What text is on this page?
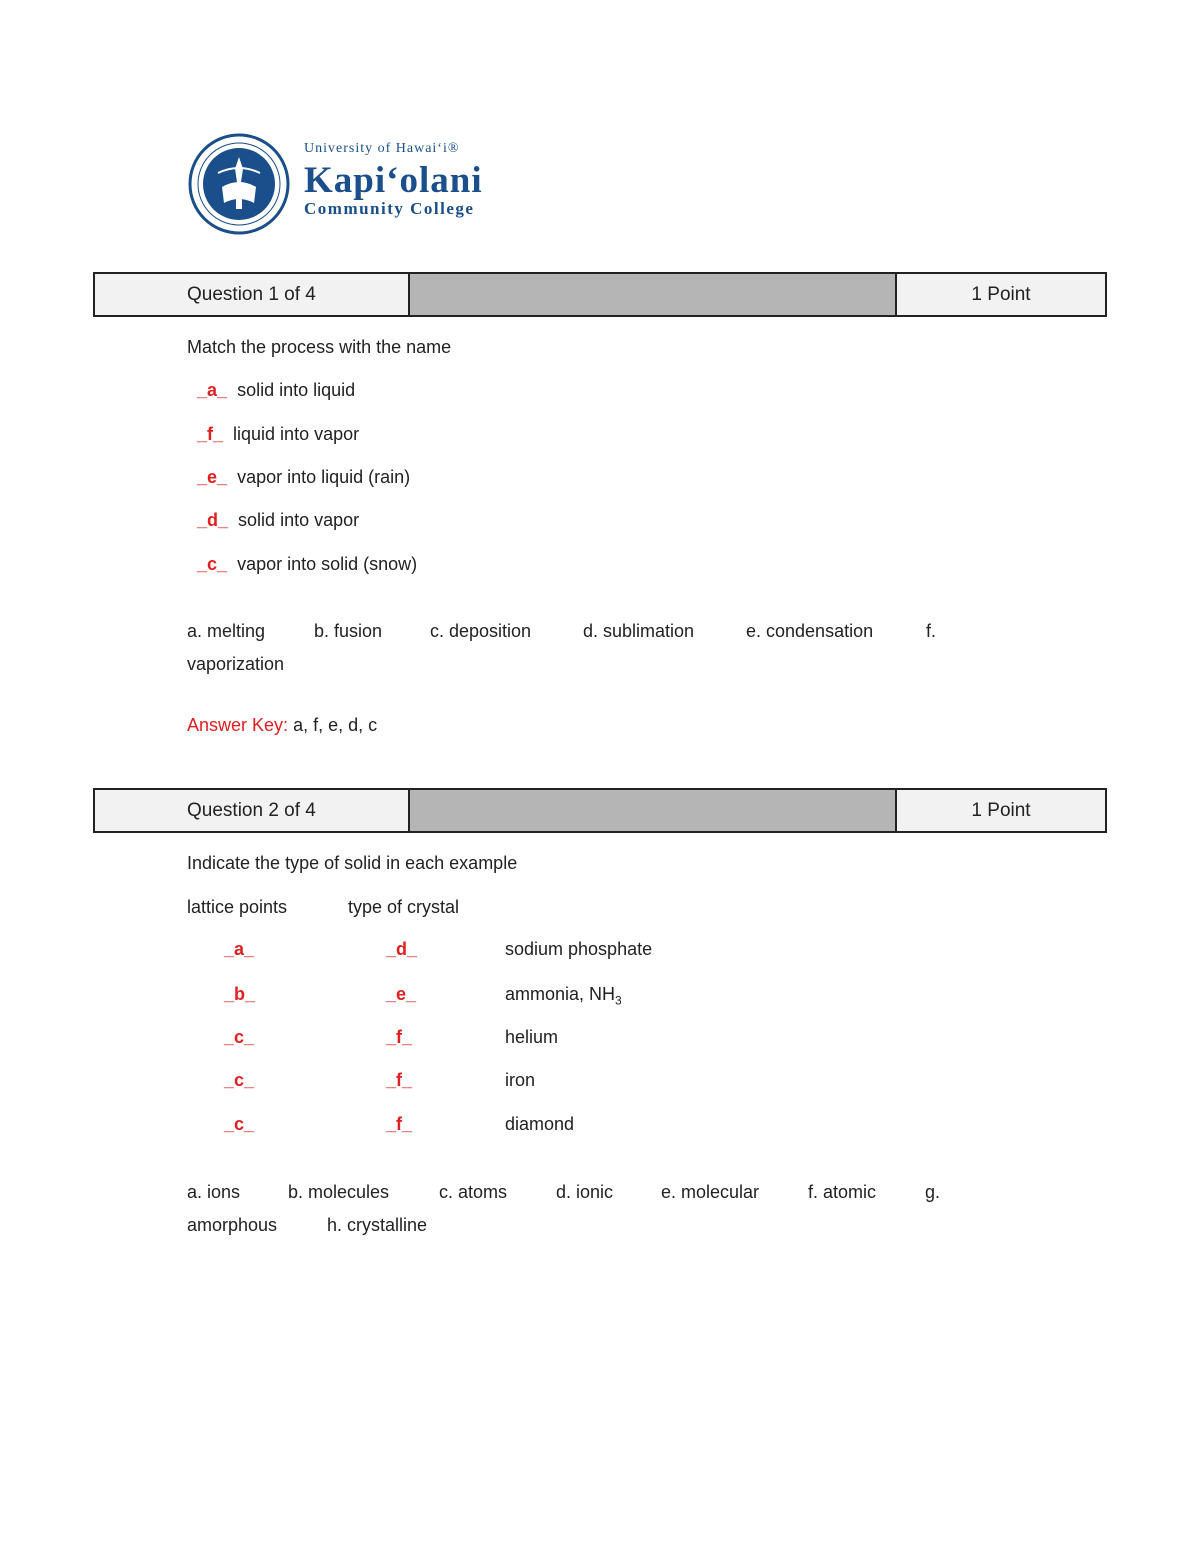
University of Hawai‘i®
Kapi‘olani
Community College
Question 1 of 4	1 Point
Match the process with the name
_a_ solid into liquid
_f_ liquid into vapor
_e_ vapor into liquid (rain)
_d_ solid into vapor
_c_ vapor into solid (snow)
a. melting	b. fusion	c. deposition	d. sublimation	e. condensation	f.
vaporization
Answer Key: a, f, e, d, c
Question 2 of 4	1 Point
Indicate the type of solid in each example
lattice points	type of crystal
_a_	_d_	sodium phosphate
_b_	_e_	ammonia, $NH_3$
_c_	_f_	helium
_c_	_f_	iron
_c_	_f_	diamond
a. ions	b. molecules	c. atoms	d. ionic	e. molecular	f. atomic	g.
amorphous	h. crystalline
